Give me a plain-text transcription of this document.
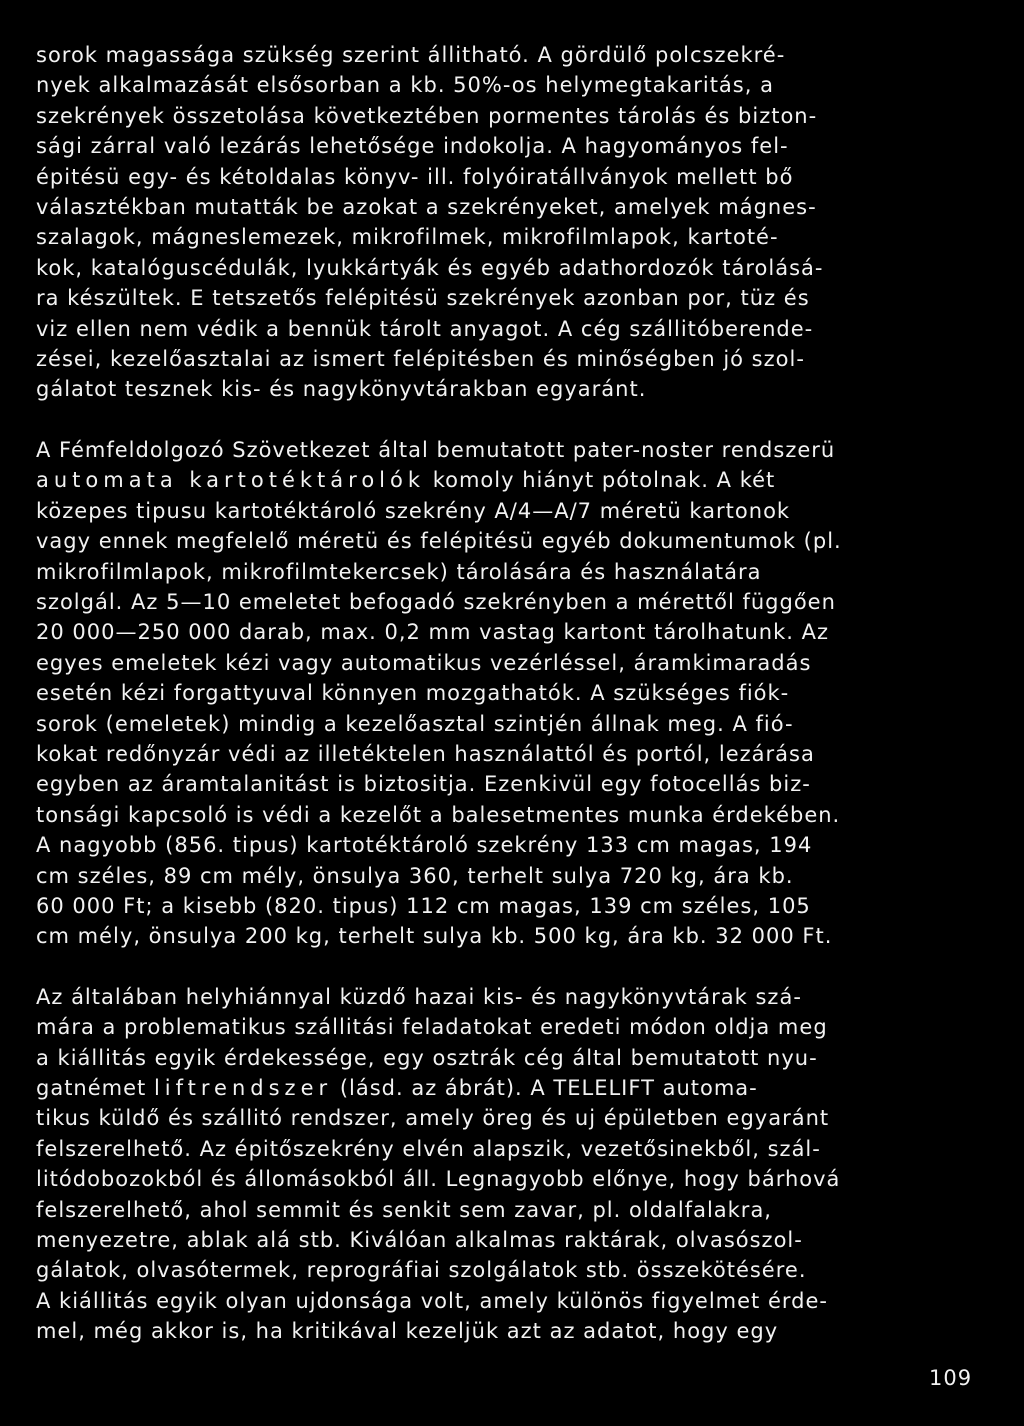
sorok magassága szükség szerint állitható. A gördülő polcszekré-
nyek alkalmazását elsősorban a kb. 50%-os helymegtakaritás, a
szekrények összetolása következtében pormentes tárolás és bizton-
sági zárral való lezárás lehetősége indokolja. A hagyományos fel-
épitésü egy- és kétoldalas könyv- ill. folyóiratállványok mellett bő
választékban mutatták be azokat a szekrényeket, amelyek mágnes-
szalagok, mágneslemezek, mikrofilmek, mikrofilmlapok, kartoté-
kok, katalóguscédulák, lyukkártyák és egyéb adathordozók tárolásá-
ra készültek. E tetszetős felépitésü szekrények azonban por, tüz és
viz ellen nem védik a bennük tárolt anyagot. A cég szállitóberende-
zései, kezelőasztalai az ismert felépitésben és minőségben jó szol-
gálatot tesznek kis- és nagykönyvtárakban egyaránt.
A Fémfeldolgozó Szövetkezet által bemutatott pater-noster rendszerü
automata kartotéktárolók komoly hiányt pótolnak. A két
közepes tipusu kartotéktároló szekrény A/4—A/7 méretü kartonok
vagy ennek megfelelő méretü és felépitésü egyéb dokumentumok (pl.
mikrofilmlapok, mikrofilmtekercsek) tárolására és használatára
szolgál. Az 5—10 emeletet befogadó szekrényben a mérettől függően
20 000—250 000 darab, max. 0,2 mm vastag kartont tárolhatunk. Az
egyes emeletek kézi vagy automatikus vezérléssel, áramkimaradás
esetén kézi forgattyuval könnyen mozgathatók. A szükséges fiók-
sorok (emeletek) mindig a kezelőasztal szintjén állnak meg. A fió-
kokat redőnyzár védi az illetéktelen használattól és portól, lezárása
egyben az áramtalanitást is biztositja. Ezenkivül egy fotocellás biz-
tonsági kapcsoló is védi a kezelőt a balesetmentes munka érdekében.
A nagyobb (856. tipus) kartotéktároló szekrény 133 cm magas, 194
cm széles, 89 cm mély, önsulya 360, terhelt sulya 720 kg, ára kb.
60 000 Ft; a kisebb (820. tipus) 112 cm magas, 139 cm széles, 105
cm mély, önsulya 200 kg, terhelt sulya kb. 500 kg, ára kb. 32 000 Ft.
Az általában helyhiánnyal küzdő hazai kis- és nagykönyvtárak szá-
mára a problematikus szállitási feladatokat eredeti módon oldja meg
a kiállitás egyik érdekessége, egy osztrák cég által bemutatott nyu-
gatnémet liftrendszer (lásd. az ábrát). A TELELIFT automa-
tikus küldő és szállitó rendszer, amely öreg és uj épületben egyaránt
felszerelhető. Az épitőszekrény elvén alapszik, vezetősinekből, szál-
litódobozokból és állomásokból áll. Legnagyobb előnye, hogy bárhová
felszerelhető, ahol semmit és senkit sem zavar, pl. oldalfalakra,
menyezetre, ablak alá stb. Kiválóan alkalmas raktárak, olvasószol-
gálatok, olvasótermek, reprográfiai szolgálatok stb. összekötésére.
A kiállitás egyik olyan ujdonsága volt, amely különös figyelmet érde-
mel, még akkor is, ha kritikával kezeljük azt az adatot, hogy egy
109
